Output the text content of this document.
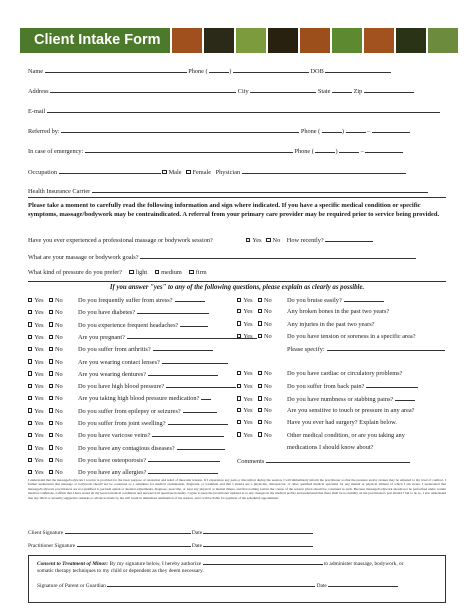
Client Intake Form
Name	Phone (	)	DOB
Address	City	State	Zip
E-mail
Referred by:	Phone (	)	–
In case of emergency:	Phone (	)	–
Occupation	Male Female Physician
Health Insurance Carrier
Please take a moment to carefully read the following information and sign where indicated. If you have a specific medical condition or specific symptoms, massage/bodywork may be contraindicated. A referral from your primary care provider may be required prior to service being provided.
Have you ever experienced a professional massage or bodywork session?	Yes No How recently?
What are your massage or bodywork goals?
What kind of pressure do you prefer? light medium firm
If you answer "yes" to any of the following questions, please explain as clearly as possible.
Yes No Do you frequently suffer from stress?
Yes No Do you have diabetes?
Yes No Do you experience frequent headaches?
Yes No Are you pregnant?
Yes No Do you suffer from arthritis?
Yes No Are you wearing contact lenses?
Yes No Are you wearing dentures?
Yes No Do you have high blood pressure?
Yes No Are you taking high blood pressure medication?
Yes No Do you suffer from epilepsy or seizures?
Yes No Do you suffer from joint swelling?
Yes No Do you have varicose veins?
Yes No Do you have any contagious diseases?
Yes No Do you have osteoporosis?
Yes No Do you have any allergies?
Yes No Do you bruise easily?
Yes No Any broken bones in the past two years?
Yes No Any injuries in the past two years?
Yes No Do you have tension or soreness in a specific area?
Please specify:
Yes No Do you have cardiac or circulatory problems?
Yes No Do you suffer from back pain?
Yes No Do you have numbness or stabbing pains?
Yes No Are you sensitive to touch or pressure in any area?
Yes No Have you ever had surgery? Explain below.
Yes No Other medical condition, or are you taking any
medications I should know about?
Comments
I understand that the massage/bodywork I receive is provided for the basic purpose of relaxation and relief of muscular tension. If I experience any pain or discomfort during the session, I will immediately inform the practitioner so that the pressure and/or strokes may be adjusted to my level of comfort. I further understand that massage or bodywork should not be construed as a substitute for medical examination, diagnosis, or treatment and that I should see a physician, chiropractor, or other qualified medical specialist for any mental or physical ailment of which I am aware. I understand that massage/bodywork practitioners are not qualified to perform spinal or skeletal adjustments, diagnose, prescribe, or treat any physical or mental illness, and that nothing said in the course of the session given should be construed as such. Because massage/bodywork should not be performed under certain medical conditions, I affirm that I have stated all my known medical conditions and answered all questions honestly. I agree to keep the practitioner updated as to any changes in my medical profile and understand that there shall be no liability on the practitioner's part should I fail to do so. I also understand that any illicit or sexually suggestive remarks or advances made by me will result in immediate termination of the session, and I will be liable for payment of the scheduled appointment.
Client Signature	Date
Practitioner Signature	Date
Consent to Treatment of Minor: By my signature below, I hereby authorize	to administer massage, bodywork, or
somatic therapy techniques to my child or dependent as they deem necessary.
Signature of Parent or Guardian	Date
